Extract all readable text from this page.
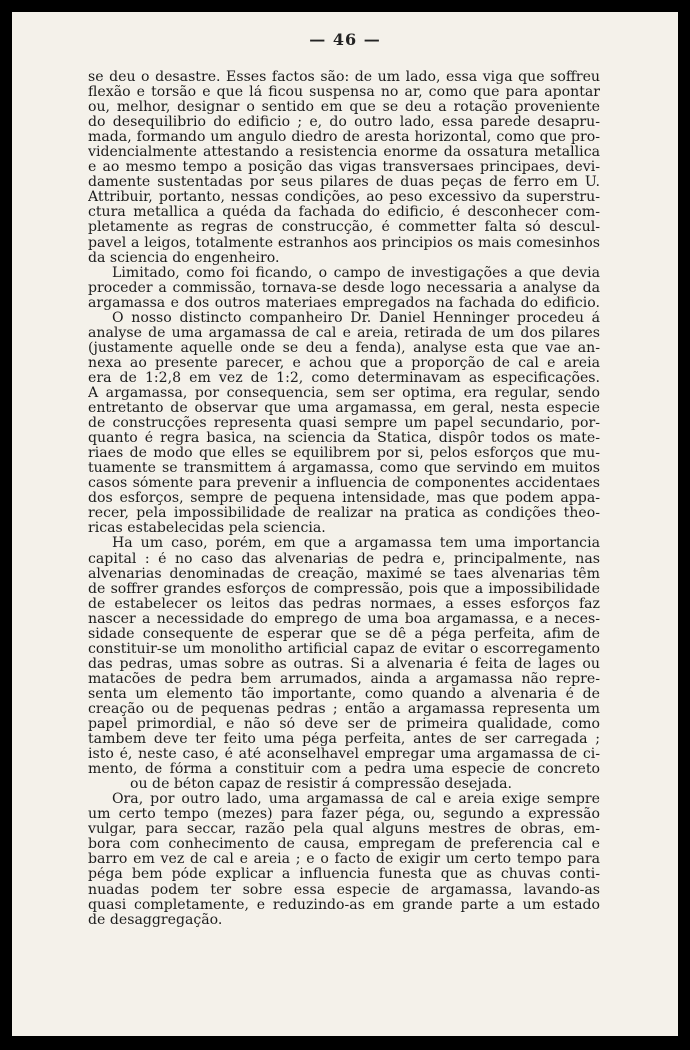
— 46 —
se deu o desastre. Esses factos são: de um lado, essa viga que soffreu
flexão e torsão e que lá ficou suspensa no ar, como que para apontar
ou, melhor, designar o sentido em que se deu a rotação proveniente
do desequilibrio do edificio ; e, do outro lado, essa parede desapru-
mada, formando um angulo diedro de aresta horizontal, como que pro-
videncialmente attestando a resistencia enorme da ossatura metallica
e ao mesmo tempo a posição das vigas transversaes principaes, devi-
damente sustentadas por seus pilares de duas peças de ferro em U.
Attribuir, portanto, nessas condições, ao peso excessivo da superstru-
ctura metallica a quéda da fachada do edificio, é desconhecer com-
pletamente as regras de construcção, é commetter falta só descul-
pavel a leigos, totalmente estranhos aos principios os mais comesinhos
da sciencia do engenheiro.
Limitado, como foi ficando, o campo de investigações a que devia
proceder a commissão, tornava-se desde logo necessaria a analyse da
argamassa e dos outros materiaes empregados na fachada do edificio.
O nosso distincto companheiro Dr. Daniel Henninger procedeu á
analyse de uma argamassa de cal e areia, retirada de um dos pilares
(justamente aquelle onde se deu a fenda), analyse esta que vae an-
nexa ao presente parecer, e achou que a proporção de cal e areia
era de 1:2,8 em vez de 1:2, como determinavam as especificações.
A argamassa, por consequencia, sem ser optima, era regular, sendo
entretanto de observar que uma argamassa, em geral, nesta especie
de construcções representa quasi sempre um papel secundario, por-
quanto é regra basica, na sciencia da Statica, dispôr todos os mate-
riaes de modo que elles se equilibrem por si, pelos esforços que mu-
tuamente se transmittem á argamassa, como que servindo em muitos
casos sómente para prevenir a influencia de componentes accidentaes
dos esforços, sempre de pequena intensidade, mas que podem appa-
recer, pela impossibilidade de realizar na pratica as condições theo-
ricas estabelecidas pela sciencia.
Ha um caso, porém, em que a argamassa tem uma importancia
capital : é no caso das alvenarias de pedra e, principalmente, nas
alvenarias denominadas de creação, maximé se taes alvenarias têm
de soffrer grandes esforços de compressão, pois que a impossibilidade
de estabelecer os leitos das pedras normaes, a esses esforços faz
nascer a necessidade do emprego de uma boa argamassa, e a neces-
sidade consequente de esperar que se dê a péga perfeita, afim de
constituir-se um monolitho artificial capaz de evitar o escorregamento
das pedras, umas sobre as outras. Si a alvenaria é feita de lages ou
matacões de pedra bem arrumados, ainda a argamassa não repre-
senta um elemento tão importante, como quando a alvenaria é de
creação ou de pequenas pedras ; então a argamassa representa um
papel primordial, e não só deve ser de primeira qualidade, como
tambem deve ter feito uma péga perfeita, antes de ser carregada ;
isto é, neste caso, é até aconselhavel empregar uma argamassa de ci-
mento, de fórma a constituir com a pedra uma especie de concreto
ou de béton capaz de resistir á compressão desejada.
Ora, por outro lado, uma argamassa de cal e areia exige sempre
um certo tempo (mezes) para fazer péga, ou, segundo a expressão
vulgar, para seccar, razão pela qual alguns mestres de obras, em-
bora com conhecimento de causa, empregam de preferencia cal e
barro em vez de cal e areia ; e o facto de exigir um certo tempo para
péga bem póde explicar a influencia funesta que as chuvas conti-
nuadas podem ter sobre essa especie de argamassa, lavando-as
quasi completamente, e reduzindo-as em grande parte a um estado
de desaggregação.
